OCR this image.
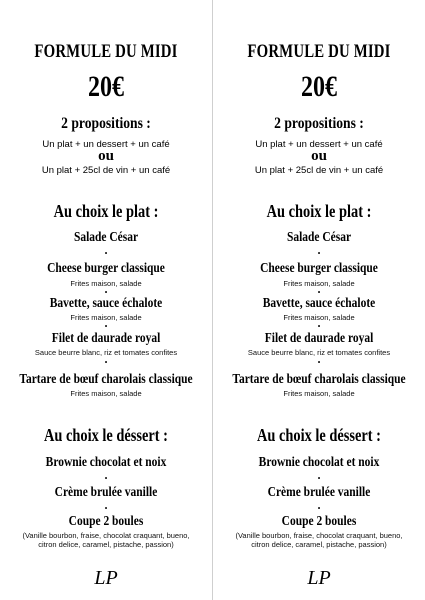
FORMULE DU MIDI
20€
2 propositions :
Un plat + un dessert + un café
ou
Un plat + 25cl de vin + un café
Au choix le plat :
Salade César
•
Cheese burger classique
Frites maison, salade
•
Bavette, sauce échalote
Frites maison, salade
•
Filet de daurade royal
Sauce beurre blanc, riz et tomates confites
•
Tartare de bœuf charolais classique
Frites maison, salade
Au choix le déssert :
Brownie chocolat et noix
•
Crème brulée vanille
•
Coupe 2 boules
(Vanille bourbon, fraise, chocolat craquant, bueno,
citron delice, caramel, pistache, passion)
LP
FORMULE DU MIDI
20€
2 propositions :
Un plat + un dessert + un café
ou
Un plat + 25cl de vin + un café
Au choix le plat :
Salade César
•
Cheese burger classique
Frites maison, salade
•
Bavette, sauce échalote
Frites maison, salade
•
Filet de daurade royal
Sauce beurre blanc, riz et tomates confites
•
Tartare de bœuf charolais classique
Frites maison, salade
Au choix le déssert :
Brownie chocolat et noix
•
Crème brulée vanille
•
Coupe 2 boules
(Vanille bourbon, fraise, chocolat craquant, bueno,
citron delice, caramel, pistache, passion)
LP
